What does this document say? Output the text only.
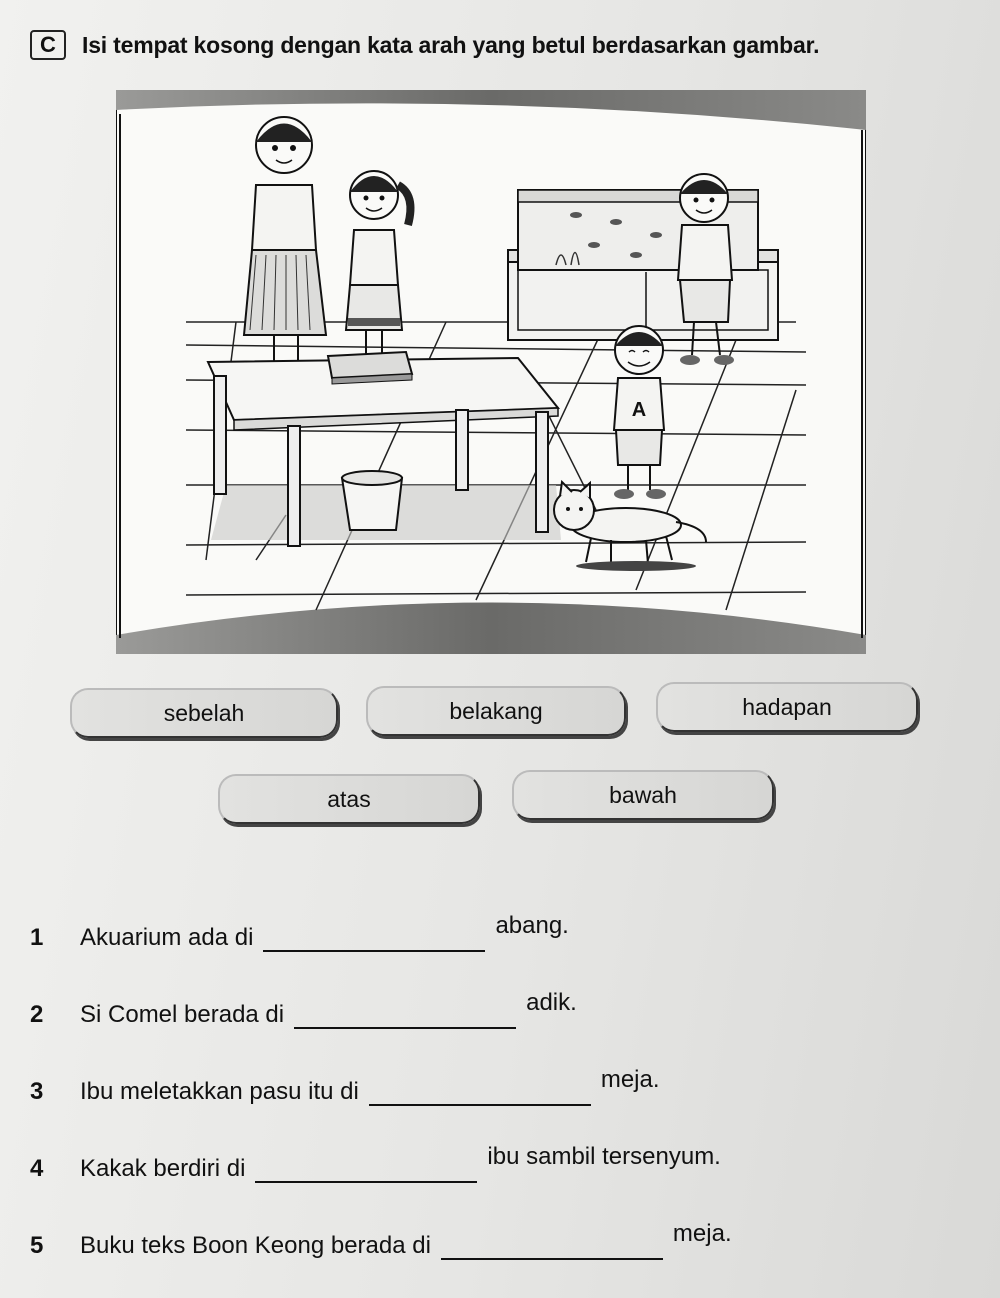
C	Isi tempat kosong dengan kata arah yang betul berdasarkan gambar.
A
sebelah	belakang	hadapan
atas	bawah
1	Akuarium ada di	abang.
2	Si Comel berada di	adik.
3	Ibu meletakkan pasu itu di	meja.
4	Kakak berdiri di	ibu sambil tersenyum.
5	Buku teks Boon Keong berada di	meja.
